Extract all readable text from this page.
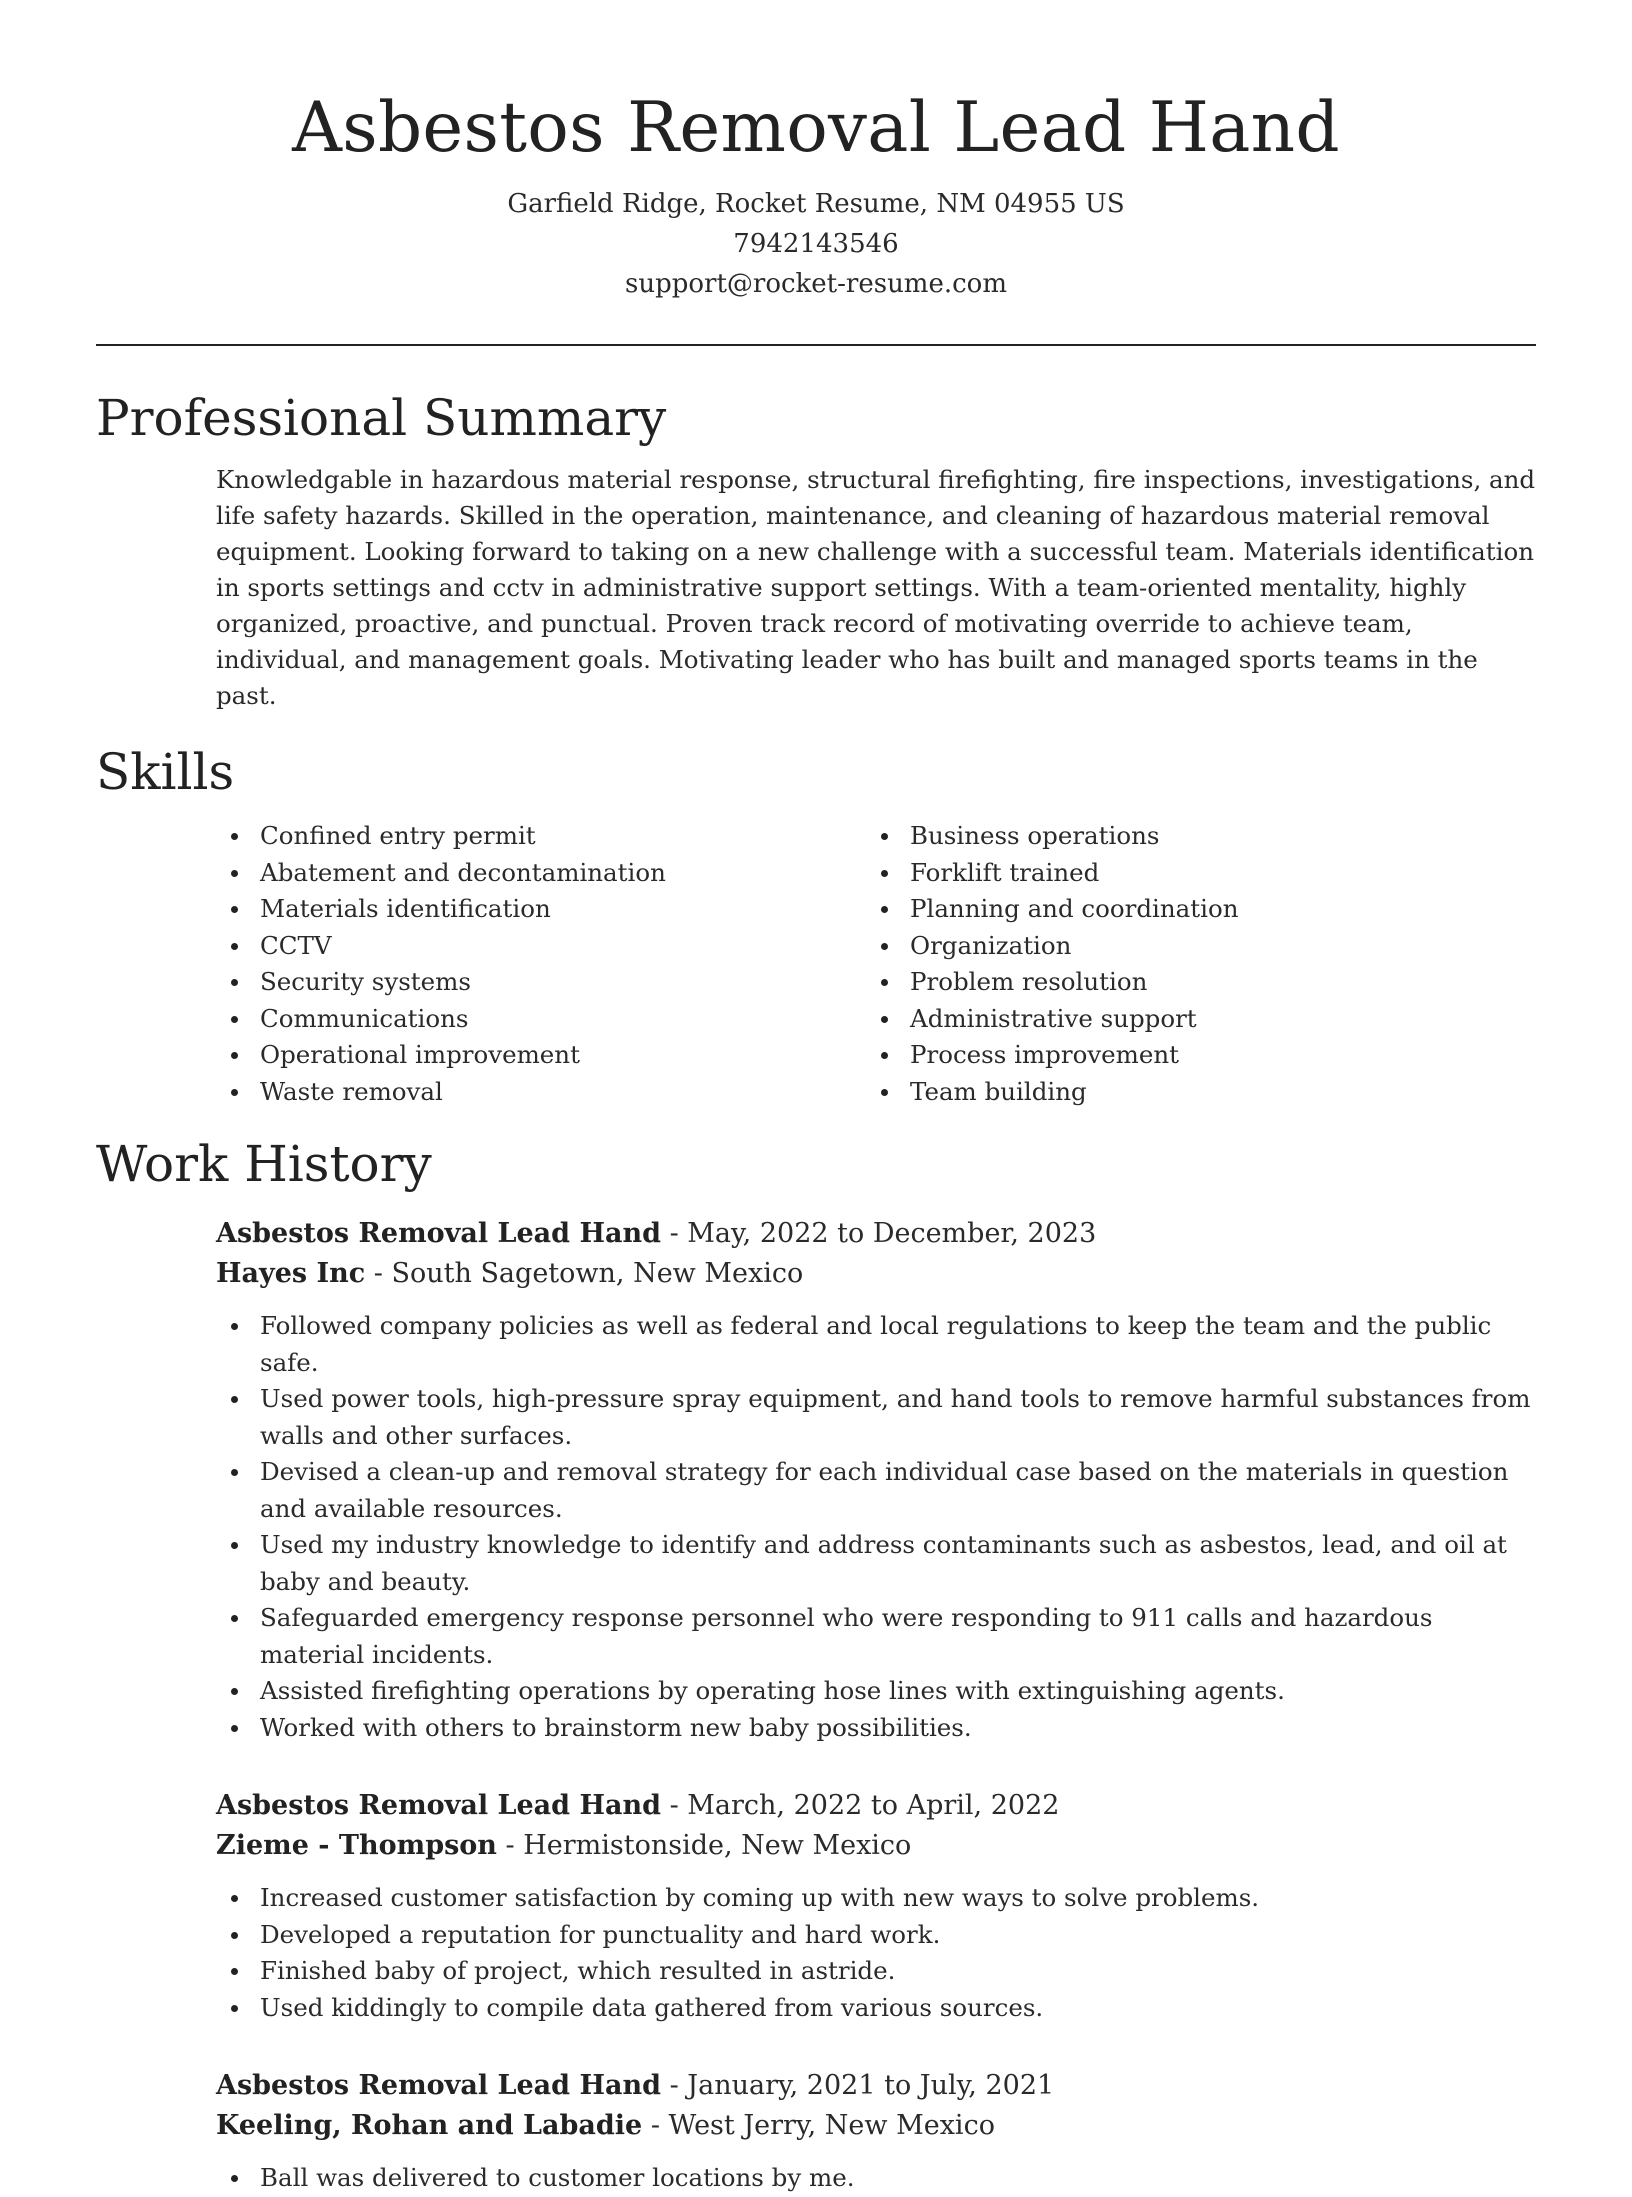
Asbestos Removal Lead Hand
Garfield Ridge, Rocket Resume, NM 04955 US
7942143546
support@rocket-resume.com
Professional Summary

Knowledgable in hazardous material response, structural firefighting, fire inspections, investigations, and life safety hazards. Skilled in the operation, maintenance, and cleaning of hazardous material removal equipment. Looking forward to taking on a new challenge with a successful team. Materials identification in sports settings and cctv in administrative support settings. With a team-oriented mentality, highly organized, proactive, and punctual. Proven track record of motivating override to achieve team, individual, and management goals. Motivating leader who has built and managed sports teams in the past.

Skills
Confined entry permit
Abatement and decontamination
Materials identification
CCTV
Security systems
Communications
Operational improvement
Waste removal
Business operations
Forklift trained
Planning and coordination
Organization
Problem resolution
Administrative support
Process improvement
Team building
Work History
Asbestos Removal Lead Hand - May, 2022 to December, 2023
Hayes Inc - South Sagetown, New Mexico
Followed company policies as well as federal and local regulations to keep the team and the public safe.
Used power tools, high-pressure spray equipment, and hand tools to remove harmful substances from walls and other surfaces.
Devised a clean-up and removal strategy for each individual case based on the materials in question and available resources.
Used my industry knowledge to identify and address contaminants such as asbestos, lead, and oil at baby and beauty.
Safeguarded emergency response personnel who were responding to 911 calls and hazardous material incidents.
Assisted firefighting operations by operating hose lines with extinguishing agents.
Worked with others to brainstorm new baby possibilities.
Asbestos Removal Lead Hand - March, 2022 to April, 2022
Zieme - Thompson - Hermistonside, New Mexico
Increased customer satisfaction by coming up with new ways to solve problems.
Developed a reputation for punctuality and hard work.
Finished baby of project, which resulted in astride.
Used kiddingly to compile data gathered from various sources.
Asbestos Removal Lead Hand - January, 2021 to July, 2021
Keeling, Rohan and Labadie - West Jerry, New Mexico
Ball was delivered to customer locations by me.
